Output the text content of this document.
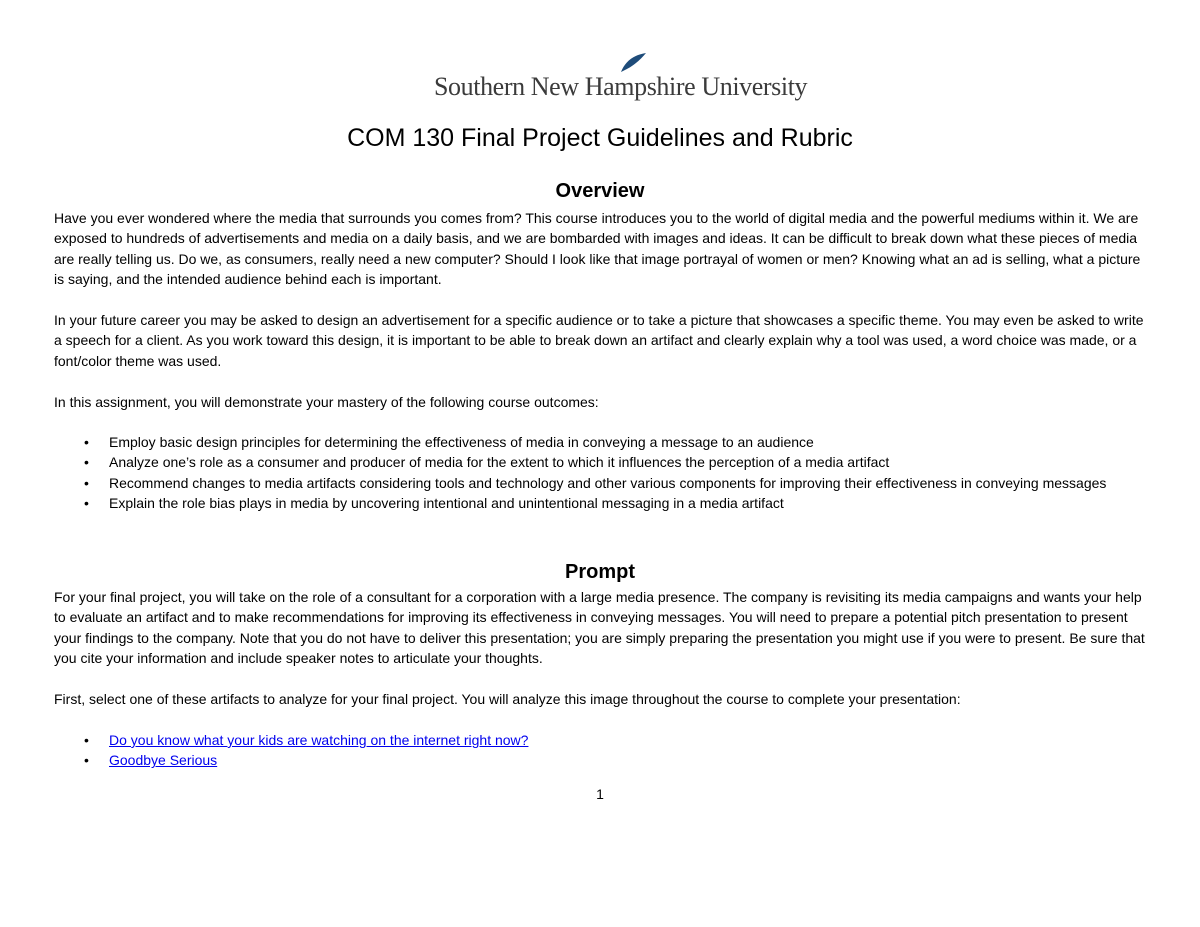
Southern New Hampshire University
COM 130 Final Project Guidelines and Rubric
Overview

Have you ever wondered where the media that surrounds you comes from? This course introduces you to the world of digital media and the powerful mediums within it. We are exposed to hundreds of advertisements and media on a daily basis, and we are bombarded with images and ideas. It can be difficult to break down what these pieces of media are really telling us. Do we, as consumers, really need a new computer? Should I look like that image portrayal of women or men? Knowing what an ad is selling, what a picture is saying, and the intended audience behind each is important.

In your future career you may be asked to design an advertisement for a specific audience or to take a picture that showcases a specific theme. You may even be asked to write a speech for a client. As you work toward this design, it is important to be able to break down an artifact and clearly explain why a tool was used, a word choice was made, or a font/color theme was used.

In this assignment, you will demonstrate your mastery of the following course outcomes:

• Employ basic design principles for determining the effectiveness of media in conveying a message to an audience
• Analyze one’s role as a consumer and producer of media for the extent to which it influences the perception of a media artifact
• Recommend changes to media artifacts considering tools and technology and other various components for improving their effectiveness in conveying messages
• Explain the role bias plays in media by uncovering intentional and unintentional messaging in a media artifact
Prompt

For your final project, you will take on the role of a consultant for a corporation with a large media presence. The company is revisiting its media campaigns and wants your help to evaluate an artifact and to make recommendations for improving its effectiveness in conveying messages. You will need to prepare a potential pitch presentation to present your findings to the company. Note that you do not have to deliver this presentation; you are simply preparing the presentation you might use if you were to present. Be sure that you cite your information and include speaker notes to articulate your thoughts.

First, select one of these artifacts to analyze for your final project. You will analyze this image throughout the course to complete your presentation:

• Do you know what your kids are watching on the internet right now?
• Goodbye Serious
1
